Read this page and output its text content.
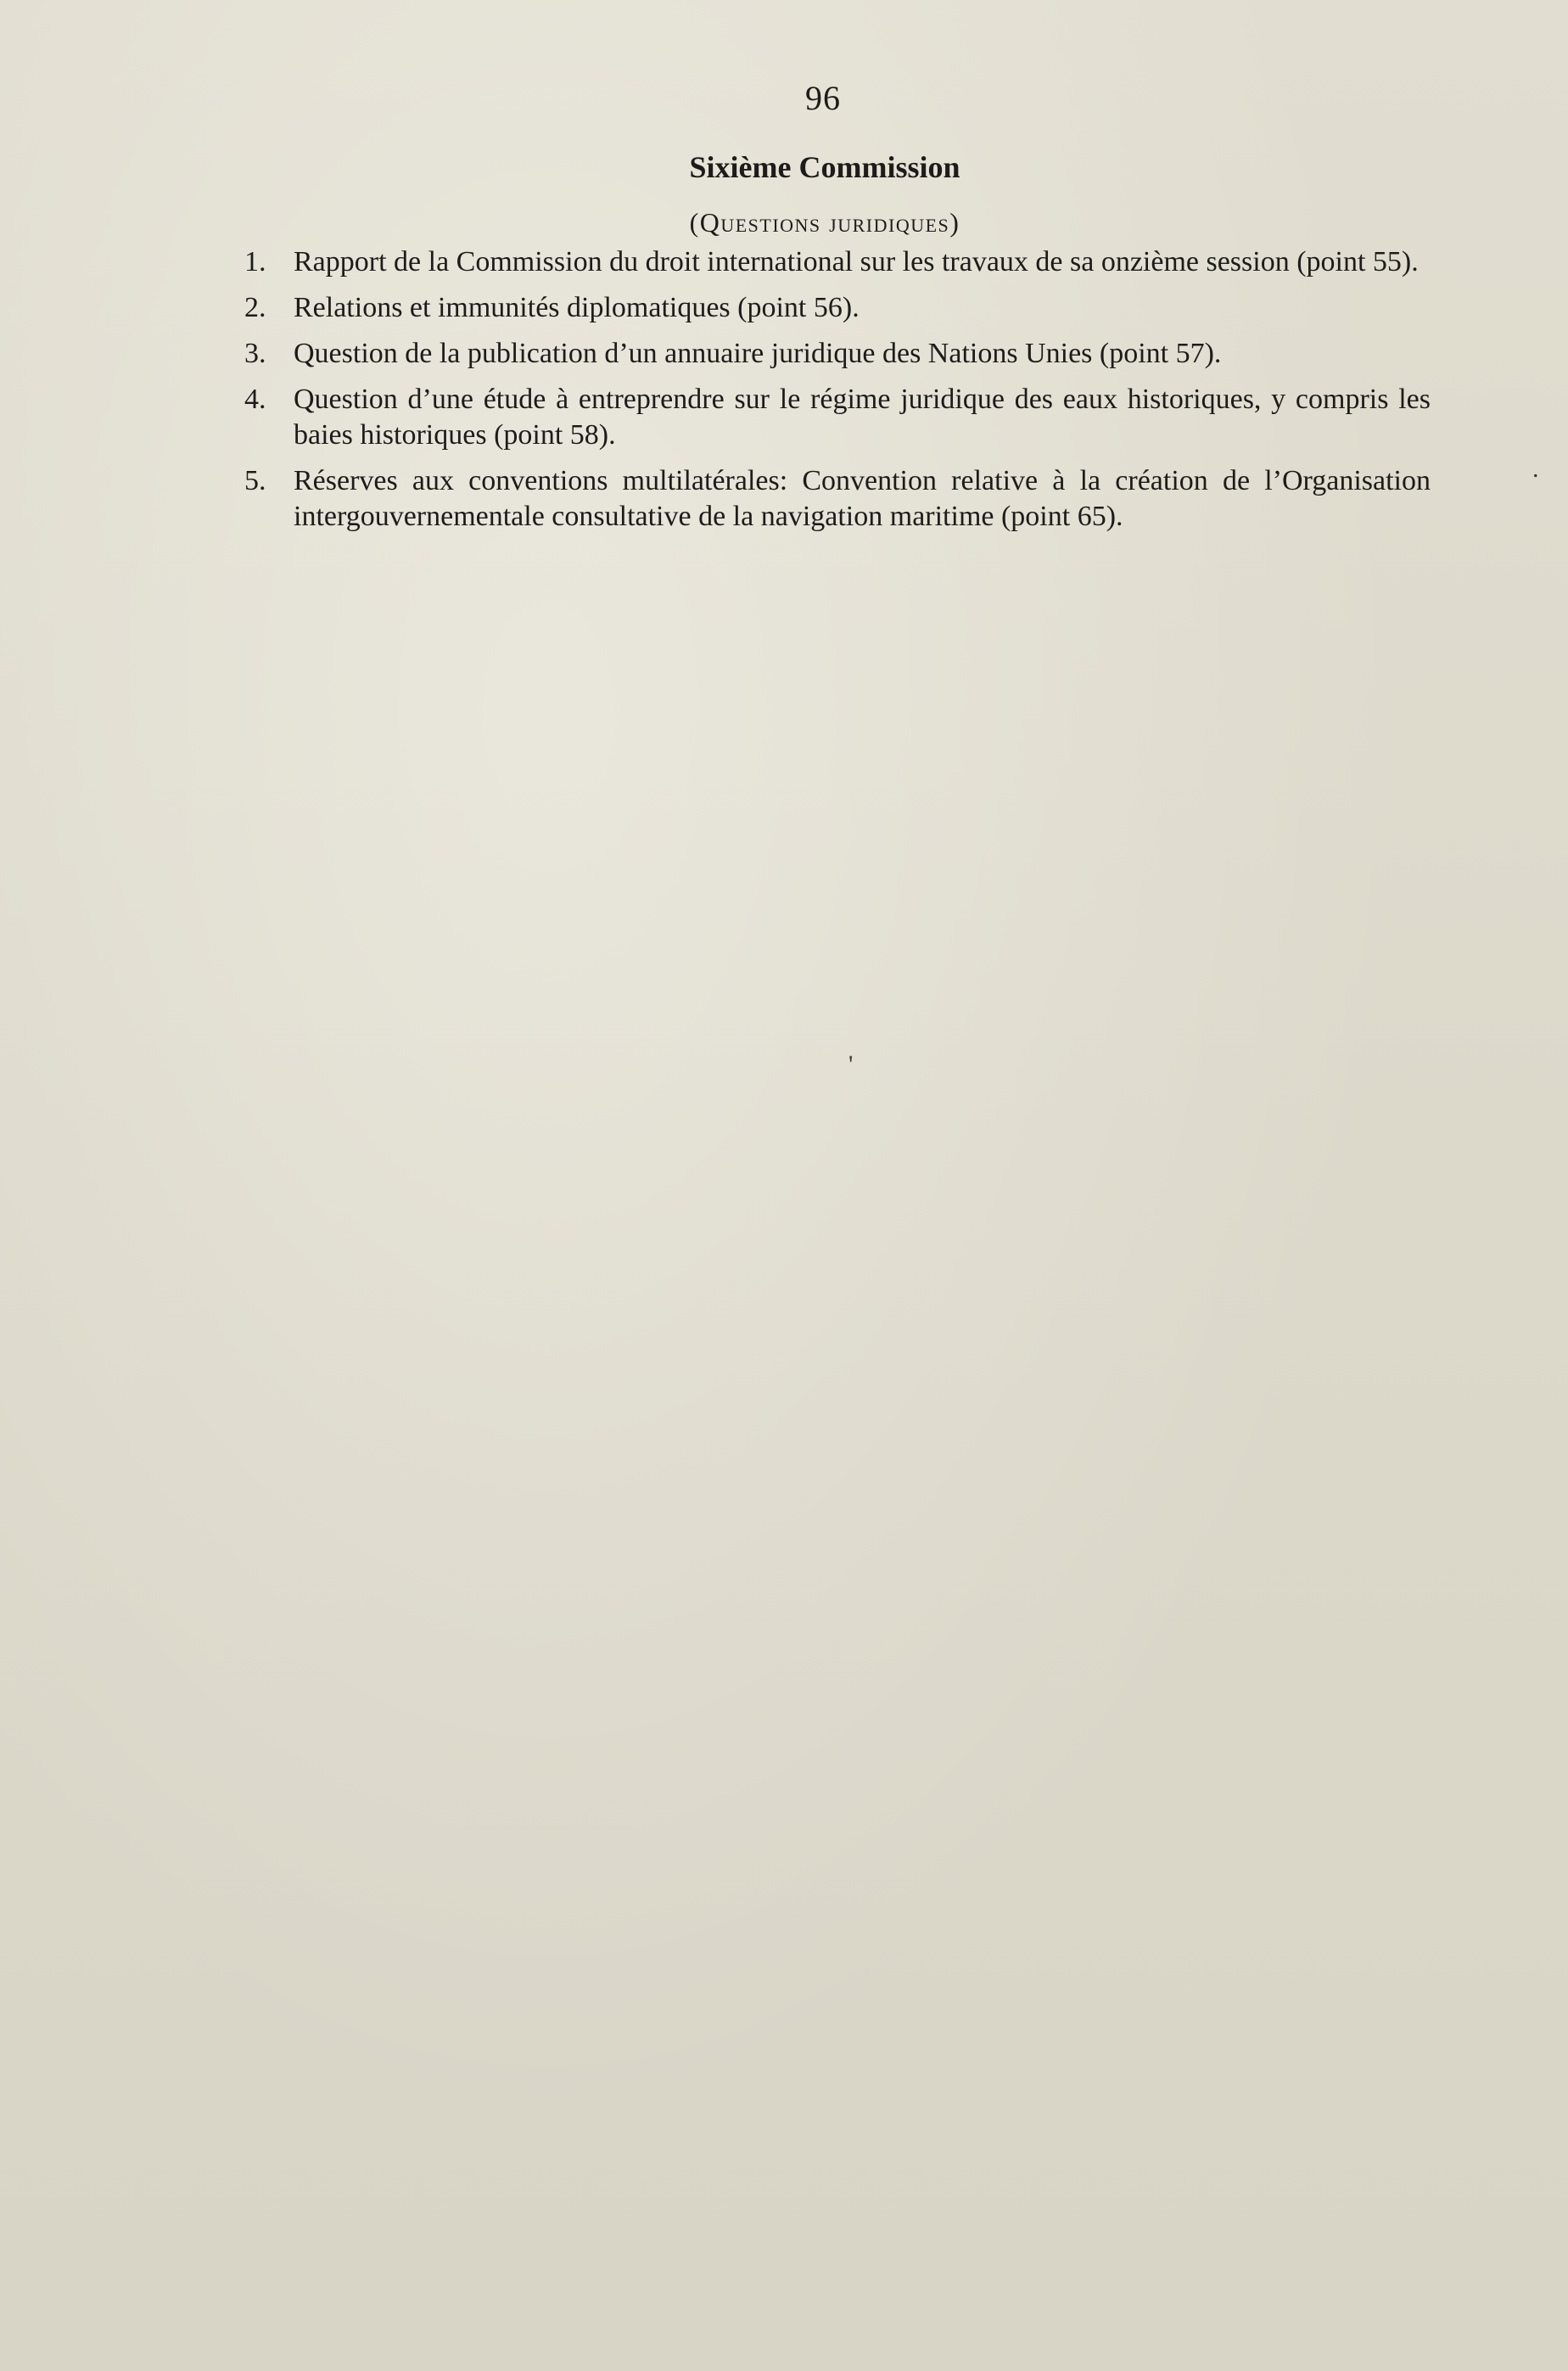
96
Sixième Commission
(Questions juridiques)
1. Rapport de la Commission du droit international sur les travaux de sa onzième session (point 55).
2. Relations et immunités diplomatiques (point 56).
3. Question de la publication d’un annuaire juridique des Nations Unies (point 57).
4. Question d’une étude à entreprendre sur le régime juridique des eaux historiques, y compris les baies historiques (point 58).
5. Réserves aux conventions multilatérales: Convention relative à la création de l’Organisation intergouvernementale consultative de la navigation maritime (point 65).
.
'
